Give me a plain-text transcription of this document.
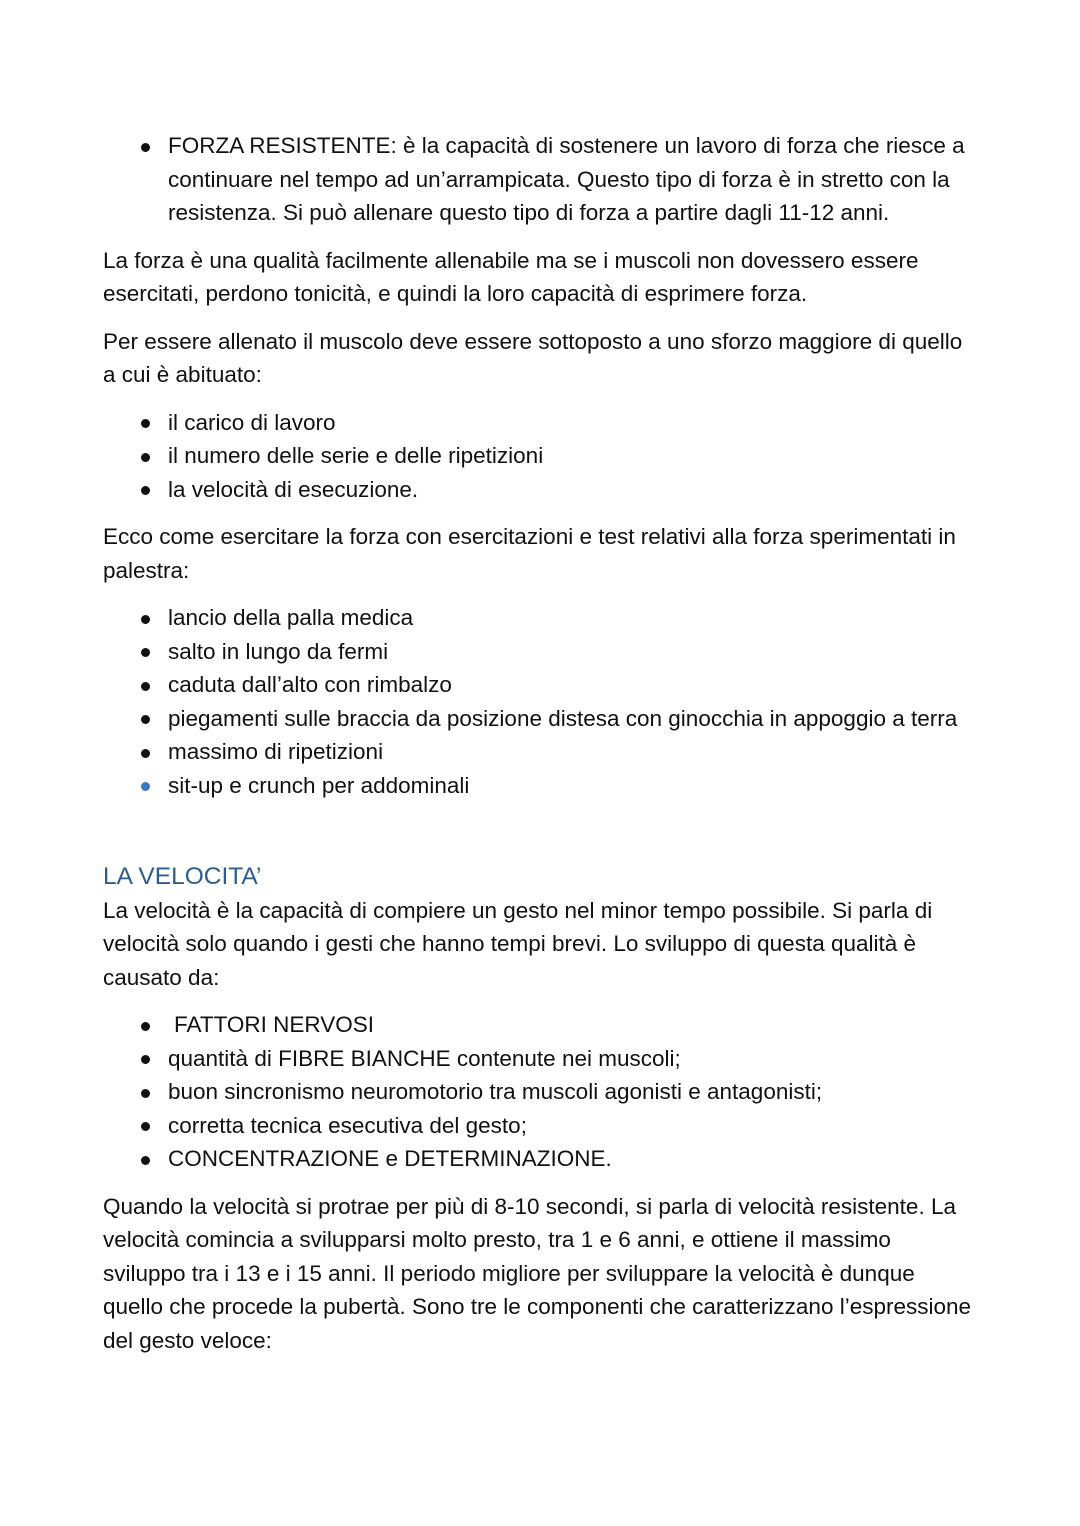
FORZA RESISTENTE: è la capacità di sostenere un lavoro di forza che riesce a continuare nel tempo ad un’arrampicata. Questo tipo di forza è in stretto con la resistenza. Si può allenare questo tipo di forza a partire dagli 11-12 anni.

La forza è una qualità facilmente allenabile ma se i muscoli non dovessero essere esercitati, perdono tonicità, e quindi la loro capacità di esprimere forza.

Per essere allenato il muscolo deve essere sottoposto a uno sforzo maggiore di quello a cui è abituato:

il carico di lavoro
il numero delle serie e delle ripetizioni
la velocità di esecuzione.

Ecco come esercitare la forza con esercitazioni e test relativi alla forza sperimentati in palestra:

lancio della palla medica
salto in lungo da fermi
caduta dall’alto con rimbalzo
piegamenti sulle braccia da posizione distesa con ginocchia in appoggio a terra
massimo di ripetizioni
sit-up e crunch per addominali
LA VELOCITA’

La velocità è la capacità di compiere un gesto nel minor tempo possibile. Si parla di velocità solo quando i gesti che hanno tempi brevi. Lo sviluppo di questa qualità è causato da:

FATTORI NERVOSI
quantità di FIBRE BIANCHE contenute nei muscoli;
buon sincronismo neuromotorio tra muscoli agonisti e antagonisti;
corretta tecnica esecutiva del gesto;
CONCENTRAZIONE e DETERMINAZIONE.

Quando la velocità si protrae per più di 8-10 secondi, si parla di velocità resistente. La velocità comincia a svilupparsi molto presto, tra 1 e 6 anni, e ottiene il massimo sviluppo tra i 13 e i 15 anni. Il periodo migliore per sviluppare la velocità è dunque quello che procede la pubertà. Sono tre le componenti che caratterizzano l’espressione del gesto veloce:
